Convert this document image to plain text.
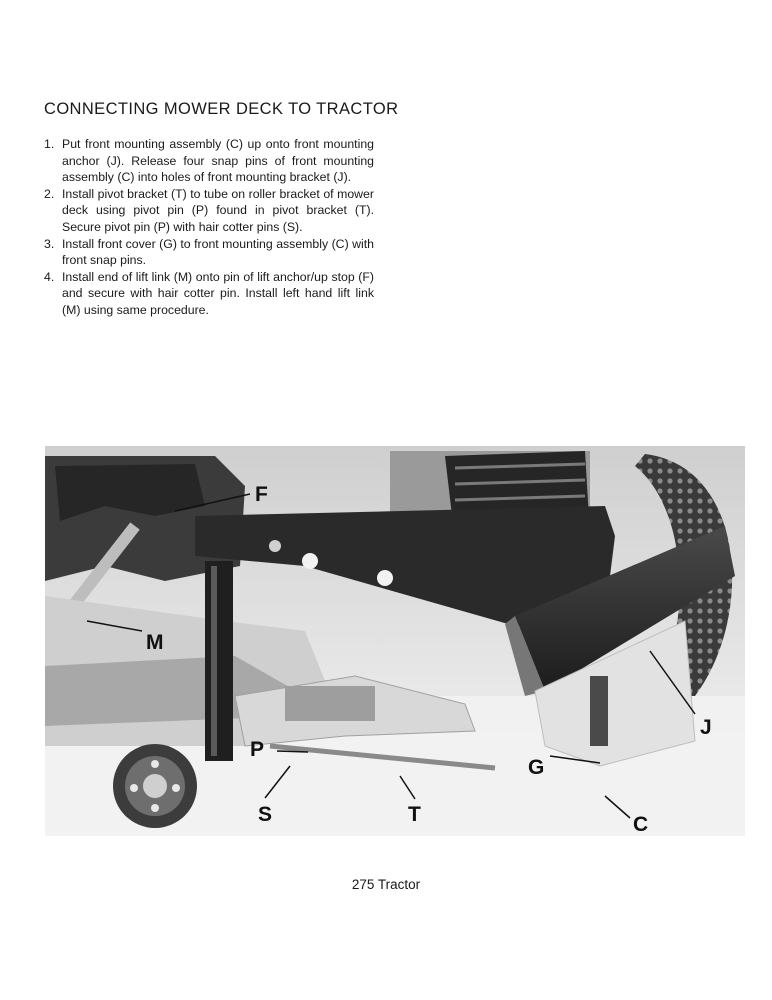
CONNECTING MOWER DECK TO TRACTOR
1. Put front mounting assembly (C) up onto front mounting anchor (J). Release four snap pins of front mounting assembly (C) into holes of front mounting bracket (J).
2. Install pivot bracket (T) to tube on roller bracket of mower deck using pivot pin (P) found in pivot bracket (T). Secure pivot pin (P) with hair cotter pins (S).
3. Install front cover (G) to front mounting assembly (C) with front snap pins.
4. Install end of lift link (M) onto pin of lift anchor/up stop (F) and secure with hair cotter pin. Install left hand lift link (M) using same procedure.
F
M
J
P
G
S	T	C
275 Tractor
